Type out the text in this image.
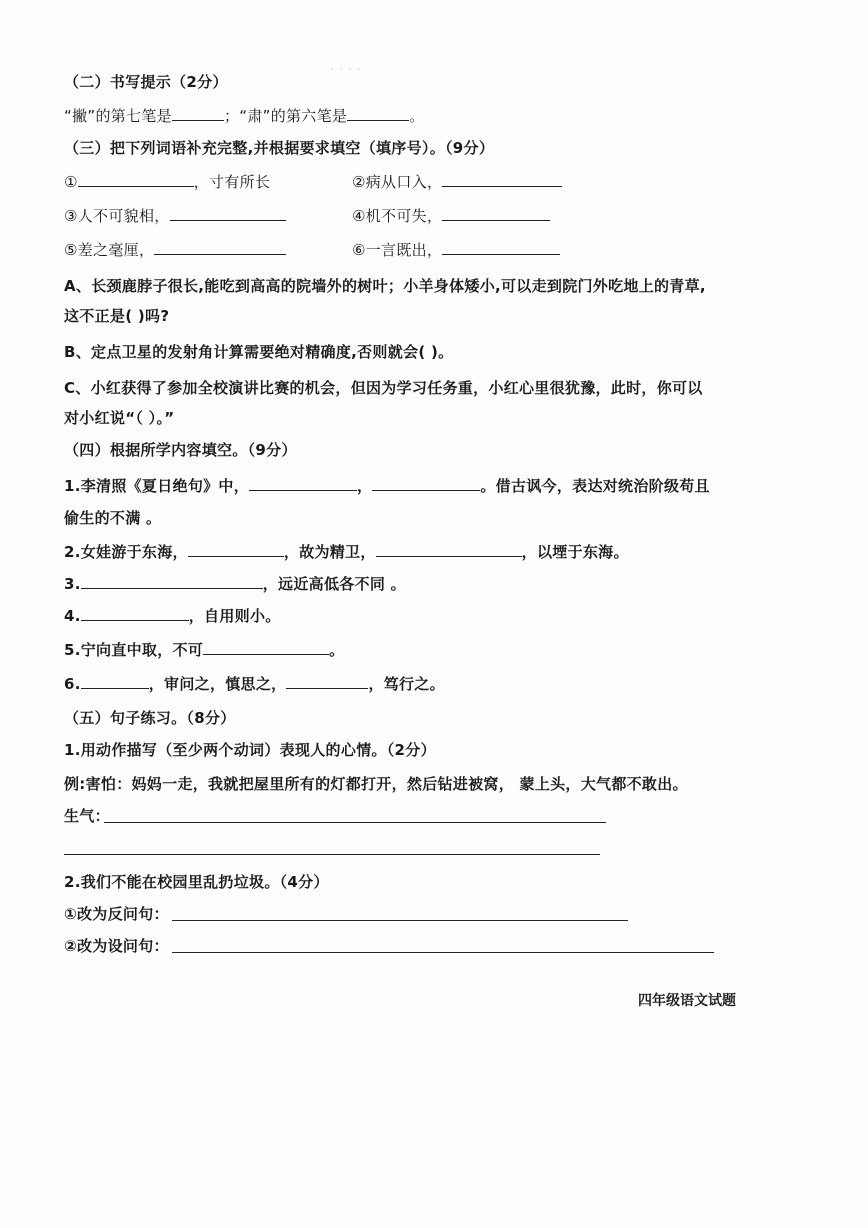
· · · ·
（二）书写提示（2分）
“撇”的第七笔是	；“肃”的第六笔是	。
（三）把下列词语补充完整,并根据要求填空（填序号）。（9分）
①	，寸有所长	②病从口入，
③人不可貌相，	④机不可失，
⑤差之毫厘，	⑥一言既出，
A、长颈鹿脖子很长,能吃到高高的院墙外的树叶；小羊身体矮小,可以走到院门外吃地上的青草,
这不正是( )吗?
B、定点卫星的发射角计算需要绝对精确度,否则就会( )。
C、小红获得了参加全校演讲比赛的机会，但因为学习任务重，小红心里很犹豫，此时，你可以
对小红说“（ ）。”
（四）根据所学内容填空。（9分）
1.李清照《夏日绝句》中，	，	。借古讽今，表达对统治阶级苟且
偷生的不满 。
2.女娃游于东海，	，故为精卫，	，以堙于东海。
3.	，远近高低各不同 。
4.	，自用则小。
5.宁向直中取，不可	。
6.	，审问之，慎思之，	，笃行之。
（五）句子练习。（8分）
1.用动作描写（至少两个动词）表现人的心情。（2分）
例:害怕：妈妈一走，我就把屋里所有的灯都打开，然后钻进被窝， 蒙上头，大气都不敢出。
生气：
2.我们不能在校园里乱扔垃圾。（4分）
①改为反问句：
②改为设问句：
四年级语文试题
